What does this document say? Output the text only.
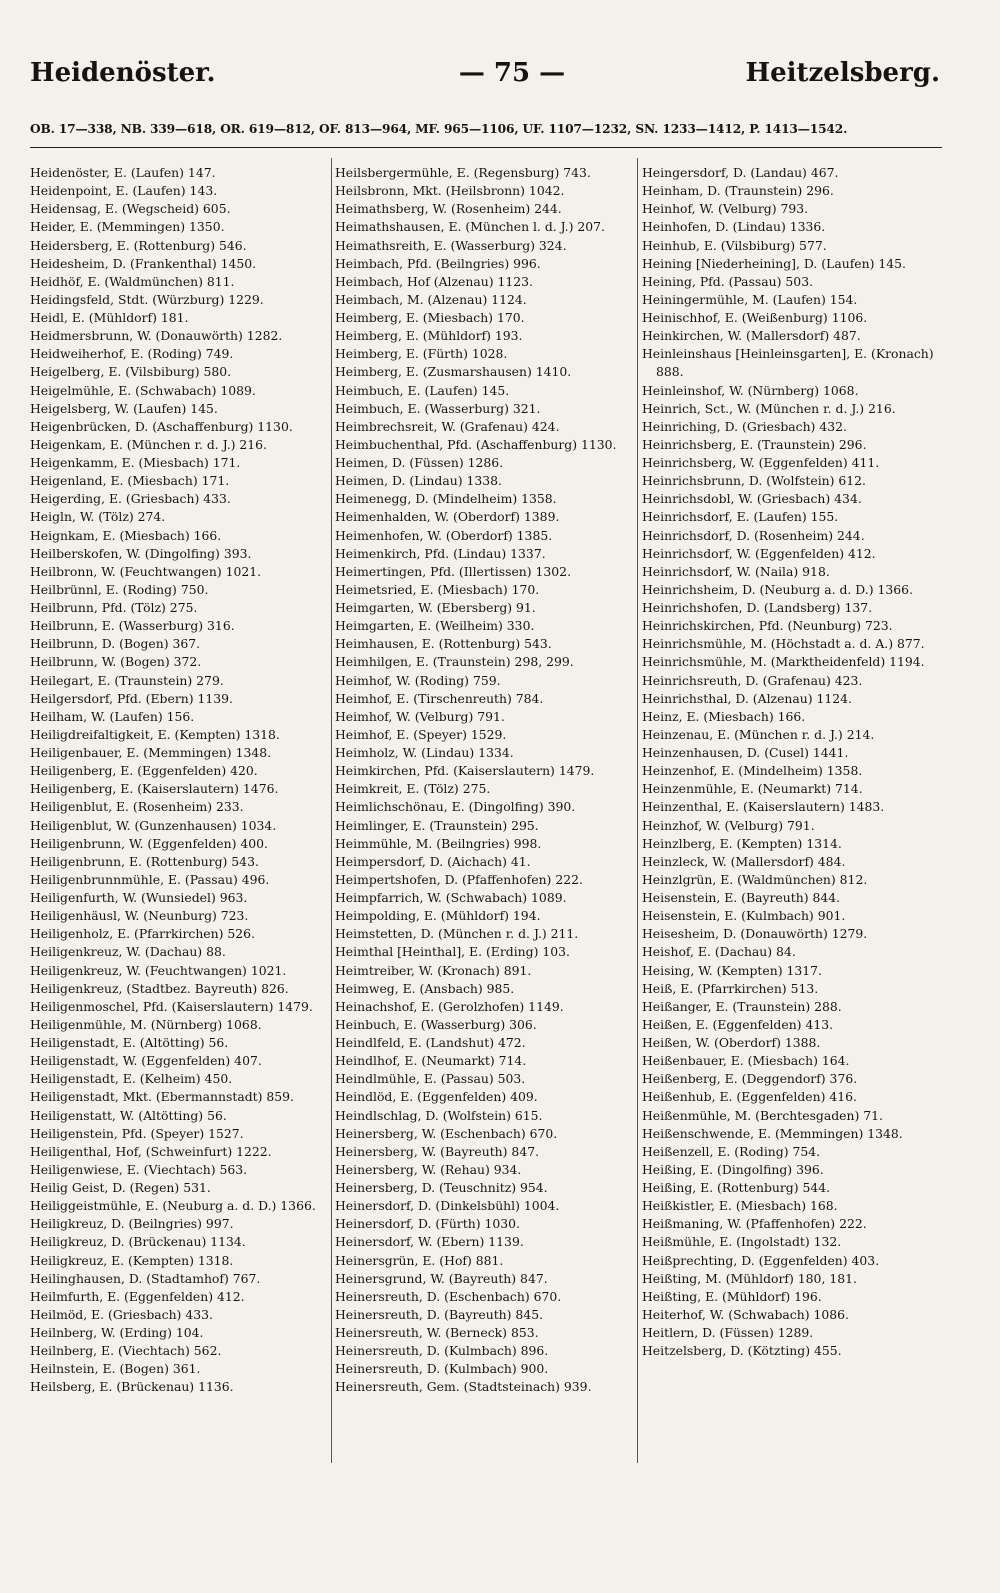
Heidenöster.	— 75 —	Heitzelsberg.
OB. 17—338, NB. 339—618, OR. 619—812, OF. 813—964, MF. 965—1106, UF. 1107—1232, SN. 1233—1412, P. 1413—1542.
Heidenöster, E. (Laufen) 147.
Heidenpoint, E. (Laufen) 143.
Heidensag, E. (Wegscheid) 605.
Heider, E. (Memmingen) 1350.
Heidersberg, E. (Rottenburg) 546.
Heidesheim, D. (Frankenthal) 1450.
Heidhöf, E. (Waldmünchen) 811.
Heidingsfeld, Stdt. (Würzburg) 1229.
Heidl, E. (Mühldorf) 181.
Heidmersbrunn, W. (Donauwörth) 1282.
Heidweiherhof, E. (Roding) 749.
Heigelberg, E. (Vilsbiburg) 580.
Heigelmühle, E. (Schwabach) 1089.
Heigelsberg, W. (Laufen) 145.
Heigenbrücken, D. (Aschaffenburg) 1130.
Heigenkam, E. (München r. d. J.) 216.
Heigenkamm, E. (Miesbach) 171.
Heigenland, E. (Miesbach) 171.
Heigerding, E. (Griesbach) 433.
Heigln, W. (Tölz) 274.
Heignkam, E. (Miesbach) 166.
Heilberskofen, W. (Dingolfing) 393.
Heilbronn, W. (Feuchtwangen) 1021.
Heilbrünnl, E. (Roding) 750.
Heilbrunn, Pfd. (Tölz) 275.
Heilbrunn, E. (Wasserburg) 316.
Heilbrunn, D. (Bogen) 367.
Heilbrunn, W. (Bogen) 372.
Heilegart, E. (Traunstein) 279.
Heilgersdorf, Pfd. (Ebern) 1139.
Heilham, W. (Laufen) 156.
Heiligdreifaltigkeit, E. (Kempten) 1318.
Heiligenbauer, E. (Memmingen) 1348.
Heiligenberg, E. (Eggenfelden) 420.
Heiligenberg, E. (Kaiserslautern) 1476.
Heiligenblut, E. (Rosenheim) 233.
Heiligenblut, W. (Gunzenhausen) 1034.
Heiligenbrunn, W. (Eggenfelden) 400.
Heiligenbrunn, E. (Rottenburg) 543.
Heiligenbrunnmühle, E. (Passau) 496.
Heiligenfurth, W. (Wunsiedel) 963.
Heiligenhäusl, W. (Neunburg) 723.
Heiligenholz, E. (Pfarrkirchen) 526.
Heiligenkreuz, W. (Dachau) 88.
Heiligenkreuz, W. (Feuchtwangen) 1021.
Heiligenkreuz, (Stadtbez. Bayreuth) 826.
Heiligenmoschel, Pfd. (Kaiserslautern) 1479.
Heiligenmühle, M. (Nürnberg) 1068.
Heiligenstadt, E. (Altötting) 56.
Heiligenstadt, W. (Eggenfelden) 407.
Heiligenstadt, E. (Kelheim) 450.
Heiligenstadt, Mkt. (Ebermannstadt) 859.
Heiligenstatt, W. (Altötting) 56.
Heiligenstein, Pfd. (Speyer) 1527.
Heiligenthal, Hof, (Schweinfurt) 1222.
Heiligenwiese, E. (Viechtach) 563.
Heilig Geist, D. (Regen) 531.
Heiliggeistmühle, E. (Neuburg a. d. D.) 1366.
Heiligkreuz, D. (Beilngries) 997.
Heiligkreuz, D. (Brückenau) 1134.
Heiligkreuz, E. (Kempten) 1318.
Heilinghausen, D. (Stadtamhof) 767.
Heilmfurth, E. (Eggenfelden) 412.
Heilmöd, E. (Griesbach) 433.
Heilnberg, W. (Erding) 104.
Heilnberg, E. (Viechtach) 562.
Heilnstein, E. (Bogen) 361.
Heilsberg, E. (Brückenau) 1136.
Heilsbergermühle, E. (Regensburg) 743.
Heilsbronn, Mkt. (Heilsbronn) 1042.
Heimathsberg, W. (Rosenheim) 244.
Heimathshausen, E. (München l. d. J.) 207.
Heimathsreith, E. (Wasserburg) 324.
Heimbach, Pfd. (Beilngries) 996.
Heimbach, Hof (Alzenau) 1123.
Heimbach, M. (Alzenau) 1124.
Heimberg, E. (Miesbach) 170.
Heimberg, E. (Mühldorf) 193.
Heimberg, E. (Fürth) 1028.
Heimberg, E. (Zusmarshausen) 1410.
Heimbuch, E. (Laufen) 145.
Heimbuch, E. (Wasserburg) 321.
Heimbrechsreit, W. (Grafenau) 424.
Heimbuchenthal, Pfd. (Aschaffenburg) 1130.
Heimen, D. (Füssen) 1286.
Heimen, D. (Lindau) 1338.
Heimenegg, D. (Mindelheim) 1358.
Heimenhalden, W. (Oberdorf) 1389.
Heimenhofen, W. (Oberdorf) 1385.
Heimenkirch, Pfd. (Lindau) 1337.
Heimertingen, Pfd. (Illertissen) 1302.
Heimetsried, E. (Miesbach) 170.
Heimgarten, W. (Ebersberg) 91.
Heimgarten, E. (Weilheim) 330.
Heimhausen, E. (Rottenburg) 543.
Heimhilgen, E. (Traunstein) 298, 299.
Heimhof, W. (Roding) 759.
Heimhof, E. (Tirschenreuth) 784.
Heimhof, W. (Velburg) 791.
Heimhof, E. (Speyer) 1529.
Heimholz, W. (Lindau) 1334.
Heimkirchen, Pfd. (Kaiserslautern) 1479.
Heimkreit, E. (Tölz) 275.
Heimlichschönau, E. (Dingolfing) 390.
Heimlinger, E. (Traunstein) 295.
Heimmühle, M. (Beilngries) 998.
Heimpersdorf, D. (Aichach) 41.
Heimpertshofen, D. (Pfaffenhofen) 222.
Heimpfarrich, W. (Schwabach) 1089.
Heimpolding, E. (Mühldorf) 194.
Heimstetten, D. (München r. d. J.) 211.
Heimthal [Heinthal], E. (Erding) 103.
Heimtreiber, W. (Kronach) 891.
Heimweg, E. (Ansbach) 985.
Heinachshof, E. (Gerolzhofen) 1149.
Heinbuch, E. (Wasserburg) 306.
Heindlfeld, E. (Landshut) 472.
Heindlhof, E. (Neumarkt) 714.
Heindlmühle, E. (Passau) 503.
Heindlöd, E. (Eggenfelden) 409.
Heindlschlag, D. (Wolfstein) 615.
Heinersberg, W. (Eschenbach) 670.
Heinersberg, W. (Bayreuth) 847.
Heinersberg, W. (Rehau) 934.
Heinersberg, D. (Teuschnitz) 954.
Heinersdorf, D. (Dinkelsbühl) 1004.
Heinersdorf, D. (Fürth) 1030.
Heinersdorf, W. (Ebern) 1139.
Heinersgrün, E. (Hof) 881.
Heinersgrund, W. (Bayreuth) 847.
Heinersreuth, D. (Eschenbach) 670.
Heinersreuth, D. (Bayreuth) 845.
Heinersreuth, W. (Berneck) 853.
Heinersreuth, D. (Kulmbach) 896.
Heinersreuth, D. (Kulmbach) 900.
Heinersreuth, Gem. (Stadtsteinach) 939.
Heingersdorf, D. (Landau) 467.
Heinham, D. (Traunstein) 296.
Heinhof, W. (Velburg) 793.
Heinhofen, D. (Lindau) 1336.
Heinhub, E. (Vilsbiburg) 577.
Heining [Niederheining], D. (Laufen) 145.
Heining, Pfd. (Passau) 503.
Heiningermühle, M. (Laufen) 154.
Heinischhof, E. (Weißenburg) 1106.
Heinkirchen, W. (Mallersdorf) 487.
Heinleinshaus [Heinleinsgarten], E. (Kronach) 888.
Heinleinshof, W. (Nürnberg) 1068.
Heinrich, Sct., W. (München r. d. J.) 216.
Heinriching, D. (Griesbach) 432.
Heinrichsberg, E. (Traunstein) 296.
Heinrichsberg, W. (Eggenfelden) 411.
Heinrichsbrunn, D. (Wolfstein) 612.
Heinrichsdobl, W. (Griesbach) 434.
Heinrichsdorf, E. (Laufen) 155.
Heinrichsdorf, D. (Rosenheim) 244.
Heinrichsdorf, W. (Eggenfelden) 412.
Heinrichsdorf, W. (Naila) 918.
Heinrichsheim, D. (Neuburg a. d. D.) 1366.
Heinrichshofen, D. (Landsberg) 137.
Heinrichskirchen, Pfd. (Neunburg) 723.
Heinrichsmühle, M. (Höchstadt a. d. A.) 877.
Heinrichsmühle, M. (Marktheidenfeld) 1194.
Heinrichsreuth, D. (Grafenau) 423.
Heinrichsthal, D. (Alzenau) 1124.
Heinz, E. (Miesbach) 166.
Heinzenau, E. (München r. d. J.) 214.
Heinzenhausen, D. (Cusel) 1441.
Heinzenhof, E. (Mindelheim) 1358.
Heinzenmühle, E. (Neumarkt) 714.
Heinzenthal, E. (Kaiserslautern) 1483.
Heinzhof, W. (Velburg) 791.
Heinzlberg, E. (Kempten) 1314.
Heinzleck, W. (Mallersdorf) 484.
Heinzlgrün, E. (Waldmünchen) 812.
Heisenstein, E. (Bayreuth) 844.
Heisenstein, E. (Kulmbach) 901.
Heisesheim, D. (Donauwörth) 1279.
Heishof, E. (Dachau) 84.
Heising, W. (Kempten) 1317.
Heiß, E. (Pfarrkirchen) 513.
Heißanger, E. (Traunstein) 288.
Heißen, E. (Eggenfelden) 413.
Heißen, W. (Oberdorf) 1388.
Heißenbauer, E. (Miesbach) 164.
Heißenberg, E. (Deggendorf) 376.
Heißenhub, E. (Eggenfelden) 416.
Heißenmühle, M. (Berchtesgaden) 71.
Heißenschwende, E. (Memmingen) 1348.
Heißenzell, E. (Roding) 754.
Heißing, E. (Dingolfing) 396.
Heißing, E. (Rottenburg) 544.
Heißkistler, E. (Miesbach) 168.
Heißmaning, W. (Pfaffenhofen) 222.
Heißmühle, E. (Ingolstadt) 132.
Heißprechting, D. (Eggenfelden) 403.
Heißting, M. (Mühldorf) 180, 181.
Heißting, E. (Mühldorf) 196.
Heiterhof, W. (Schwabach) 1086.
Heitlern, D. (Füssen) 1289.
Heitzelsberg, D. (Kötzting) 455.
